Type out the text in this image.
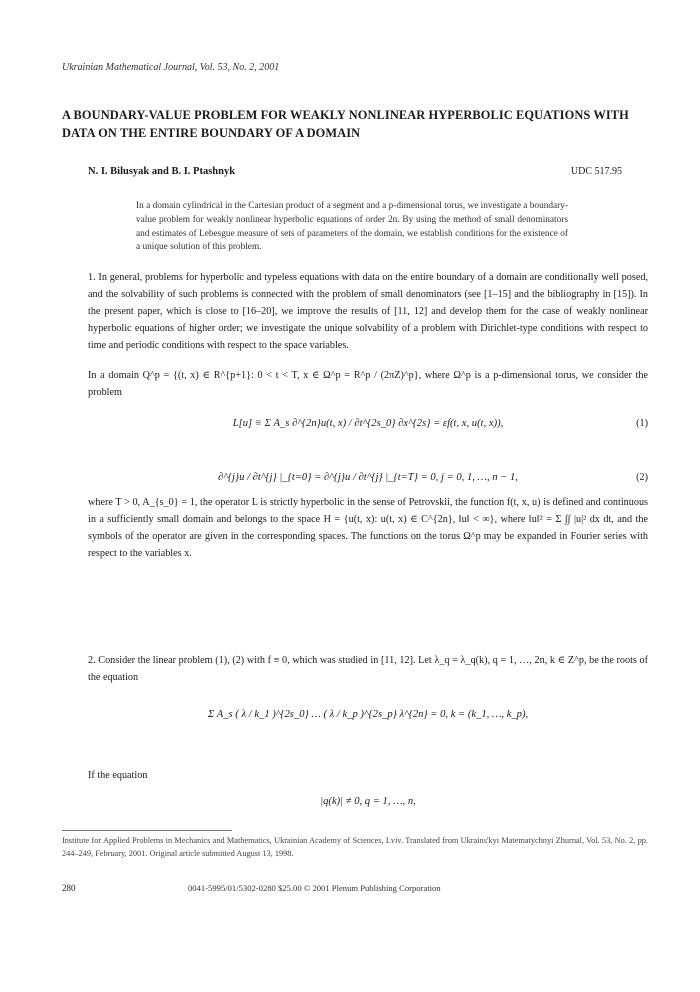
Ukrainian Mathematical Journal, Vol. 53, No. 2, 2001
A BOUNDARY-VALUE PROBLEM FOR WEAKLY NONLINEAR HYPERBOLIC EQUATIONS WITH DATA ON THE ENTIRE BOUNDARY OF A DOMAIN
N. I. Bilusyak and B. I. Ptashnyk	UDC 517.95
In a domain cylindrical in the Cartesian product of a segment and a p-dimensional torus, we investigate a boundary-value problem for weakly nonlinear hyperbolic equations of order 2n. By using the method of small denominators and estimates of Lebesgue measure of sets of parameters of the domain, we establish conditions for the existence of a unique solution of this problem.
1. In general, problems for hyperbolic and typeless equations with data on the entire boundary of a domain are conditionally well posed, and the solvability of such problems is connected with the problem of small denominators (see [1–15] and the bibliography in [15]). In the present paper, which is close to [16–20], we improve the results of [11, 12] and develop them for the case of weakly nonlinear hyperbolic equations of higher order; we investigate the unique solvability of a problem with Dirichlet-type conditions with respect to time and periodic conditions with respect to the space variables.
In a domain Q^p = {(t, x) ∈ R^{p+1}: 0 < t < T, x ∈ Ω^p = R^p / (2πZ)^p}, where Ω^p is a p-dimensional torus, we consider the problem
L[u] ≡ Σ A_s ∂^{2n}u(t, x) / ∂t^{2s_0} ∂x^{2s} = εf(t, x, u(t, x)),	(1)
∂^{j}u / ∂t^{j} |_{t=0} = ∂^{j}u / ∂t^{j} |_{t=T} = 0, j = 0, 1, …, n − 1,	(2)
where T > 0, A_{s_0} = 1, the operator L is strictly hyperbolic in the sense of Petrovskii, the function f(t, x, u) is defined and continuous in a sufficiently small domain and belongs to the space H = {u(t, x): u(t, x) ∈ C^{2n}, ‖u‖ < ∞}, where ‖u‖² = Σ ∫∫ |u|² dx dt, and the symbols of the operator are given in the corresponding spaces. The functions on the torus Ω^p may be expanded in Fourier series with respect to the variables x.
2. Consider the linear problem (1), (2) with f ≡ 0, which was studied in [11, 12]. Let λ_q = λ_q(k), q = 1, …, 2n, k ∈ Z^p, be the roots of the equation
Σ A_s ( λ / k_1 )^{2s_0} … ( λ / k_p )^{2s_p} λ^{2n} = 0, k = (k_1, …, k_p),
If the equation
|q(k)| ≠ 0, q = 1, …, n,
Institute for Applied Problems in Mechanics and Mathematics, Ukrainian Academy of Sciences, Lviv. Translated from Ukrains'kyi Matematychnyi Zhurnal, Vol. 53, No. 2, pp. 244–249, February, 2001. Original article submitted August 13, 1998.
280	0041-5995/01/5302-0280 $25.00 © 2001 Plenum Publishing Corporation
